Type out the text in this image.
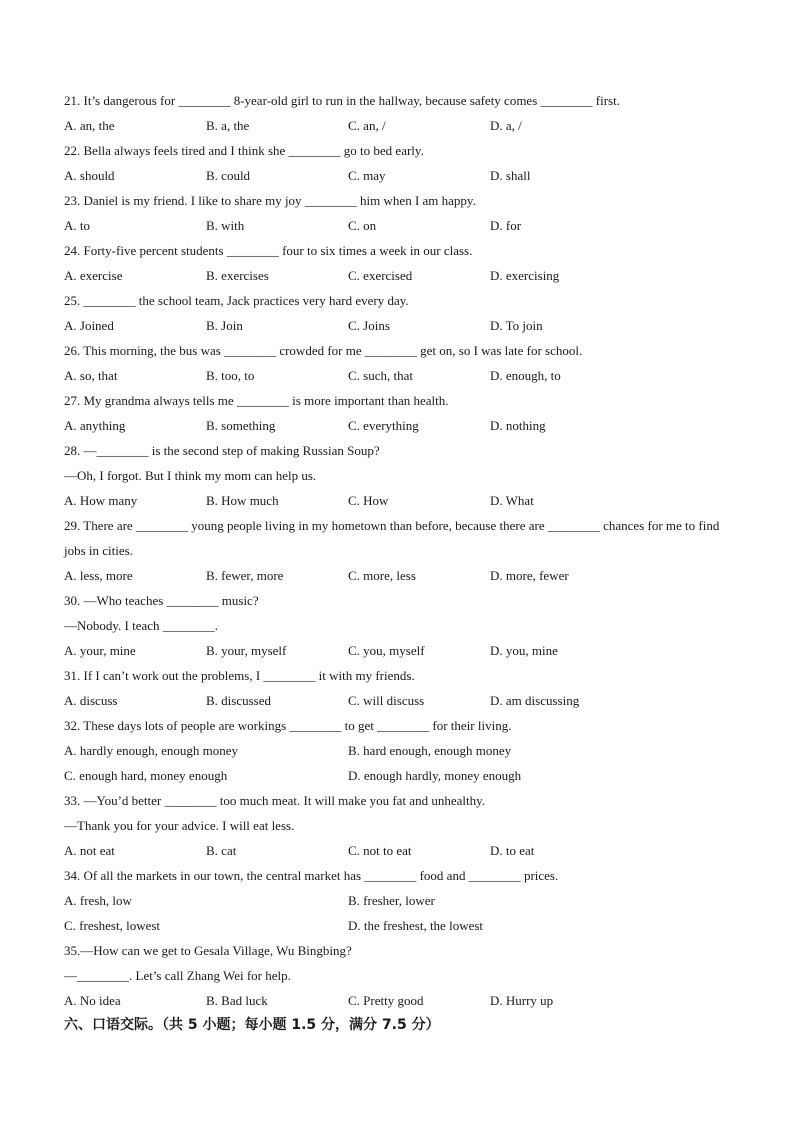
21. It’s dangerous for ________ 8-year-old girl to run in the hallway, because safety comes ________ first.
A. an, the	B. a, the	C. an, /	D. a, /
22. Bella always feels tired and I think she ________ go to bed early.
A. should	B. could	C. may	D. shall
23. Daniel is my friend. I like to share my joy ________ him when I am happy.
A. to	B. with	C. on	D. for
24. Forty-five percent students ________ four to six times a week in our class.
A. exercise	B. exercises	C. exercised	D. exercising
25. ________ the school team, Jack practices very hard every day.
A. Joined	B. Join	C. Joins	D. To join
26. This morning, the bus was ________ crowded for me ________ get on, so I was late for school.
A. so, that	B. too, to	C. such, that	D. enough, to
27. My grandma always tells me ________ is more important than health.
A. anything	B. something	C. everything	D. nothing
28. —________ is the second step of making Russian Soup?
—Oh, I forgot. But I think my mom can help us.
A. How many	B. How much	C. How	D. What
29. There are ________ young people living in my hometown than before, because there are ________ chances for me to find jobs in cities.
A. less, more	B. fewer, more	C. more, less	D. more, fewer
30. —Who teaches ________ music?
—Nobody. I teach ________.
A. your, mine	B. your, myself	C. you, myself	D. you, mine
31. If I can’t work out the problems, I ________ it with my friends.
A. discuss	B. discussed	C. will discuss	D. am discussing
32. These days lots of people are workings ________ to get ________ for their living.
A. hardly enough, enough money	B. hard enough, enough money
C. enough hard, money enough	D. enough hardly, money enough
33. —You’d better ________ too much meat. It will make you fat and unhealthy.
—Thank you for your advice. I will eat less.
A. not eat	B. cat	C. not to eat	D. to eat
34. Of all the markets in our town, the central market has ________ food and ________ prices.
A. fresh, low	B. fresher, lower
C. freshest, lowest	D. the freshest, the lowest
35.—How can we get to Gesala Village, Wu Bingbing?
—________. Let’s call Zhang Wei for help.
A. No idea	B. Bad luck	C. Pretty good	D. Hurry up
六、口语交际。（共 5 小题；每小题 1.5 分，满分 7.5 分）
